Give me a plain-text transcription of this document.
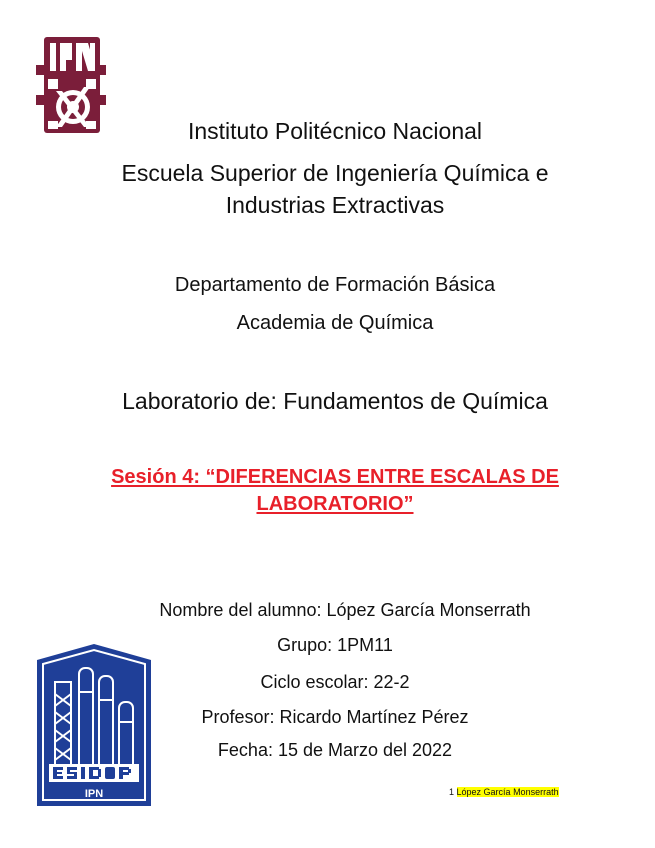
Instituto Politécnico Nacional
Escuela Superior de Ingeniería Química e Industrias Extractivas
Departamento de Formación Básica
Academia de Química
Laboratorio de: Fundamentos de Química
Sesión 4: “DIFERENCIAS ENTRE ESCALAS DE LABORATORIO”
Nombre del alumno: López García Monserrath
Grupo: 1PM11
Ciclo escolar: 22-2
Profesor: Ricardo Martínez Pérez
Fecha: 15 de Marzo del 2022
IPN	1 López García Monserrath
